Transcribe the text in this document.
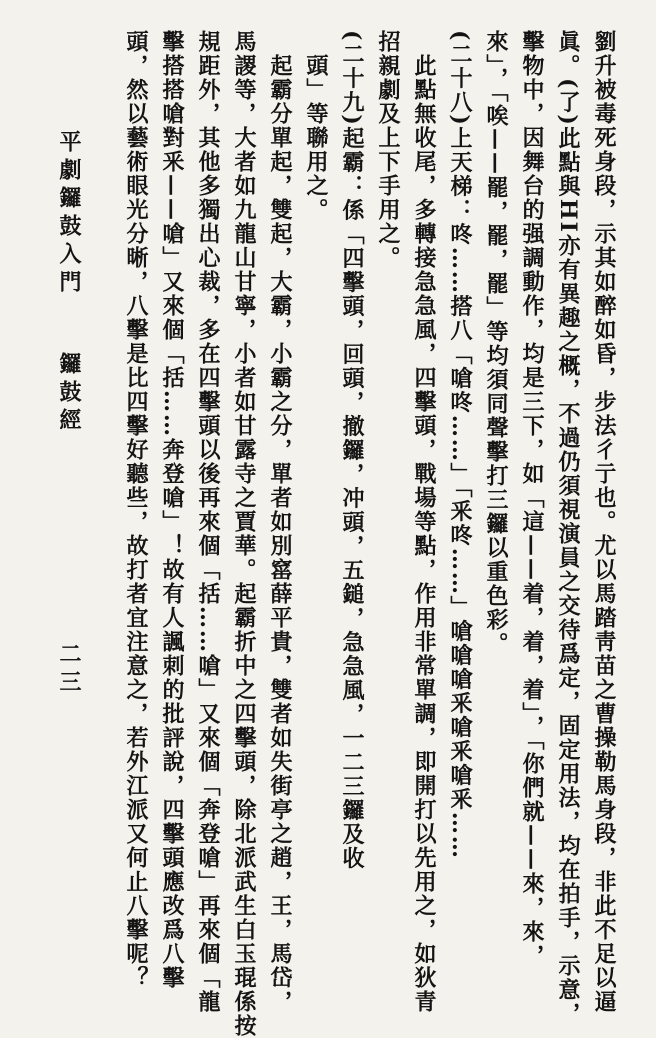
劉升被毒死身段，示其如醉如昏，步法彳亍也。尤以馬踏靑苗之曹操勒馬身段，非此不足以逼
眞。(了)此點與HI亦有異趣之概，不過仍須視演員之交待爲定，固定用法，均在拍手，示意，
擊物中，因舞台的强調動作，均是三下，如「這——着，着，着」，「你們就——來，來，
來」，「唉——罷，罷，罷」等均須同聲擊打三鑼以重色彩。
(二十八)上天梯：咚……搭八「嗆咚……」「釆咚……」嗆嗆嗆釆嗆釆嗆釆……
此點無收尾，多轉接急急風，四擊頭，戰場等點，作用非常單調，即開打以先用之，如狄青
招親劇及上下手用之。
(二十九)起霸：係「四擊頭，回頭，撤鑼，冲頭，五鎚，急急風，一二三鑼及收
頭」等聯用之。
起霸分單起，雙起，大霸，小霸之分，單者如別窰薛平貴，雙者如失街亭之趙，王，馬岱，
馬謖等，大者如九龍山甘寧，小者如甘露寺之賈華。起霸折中之四擊頭，除北派武生白玉琨係按
規距外，其他多獨出心裁，多在四擊頭以後再來個「括……嗆」又來個「奔登嗆」再來個「龍
擊搭搭嗆對釆——嗆」又來個「括……奔登嗆」！故有人諷刺的批評說，四擊頭應改爲八擊
頭，然以藝術眼光分晰，八擊是比四擊好聽些，故打者宜注意之，若外江派又何止八擊呢？
平劇鑼鼓入門
鑼鼓經
二三
